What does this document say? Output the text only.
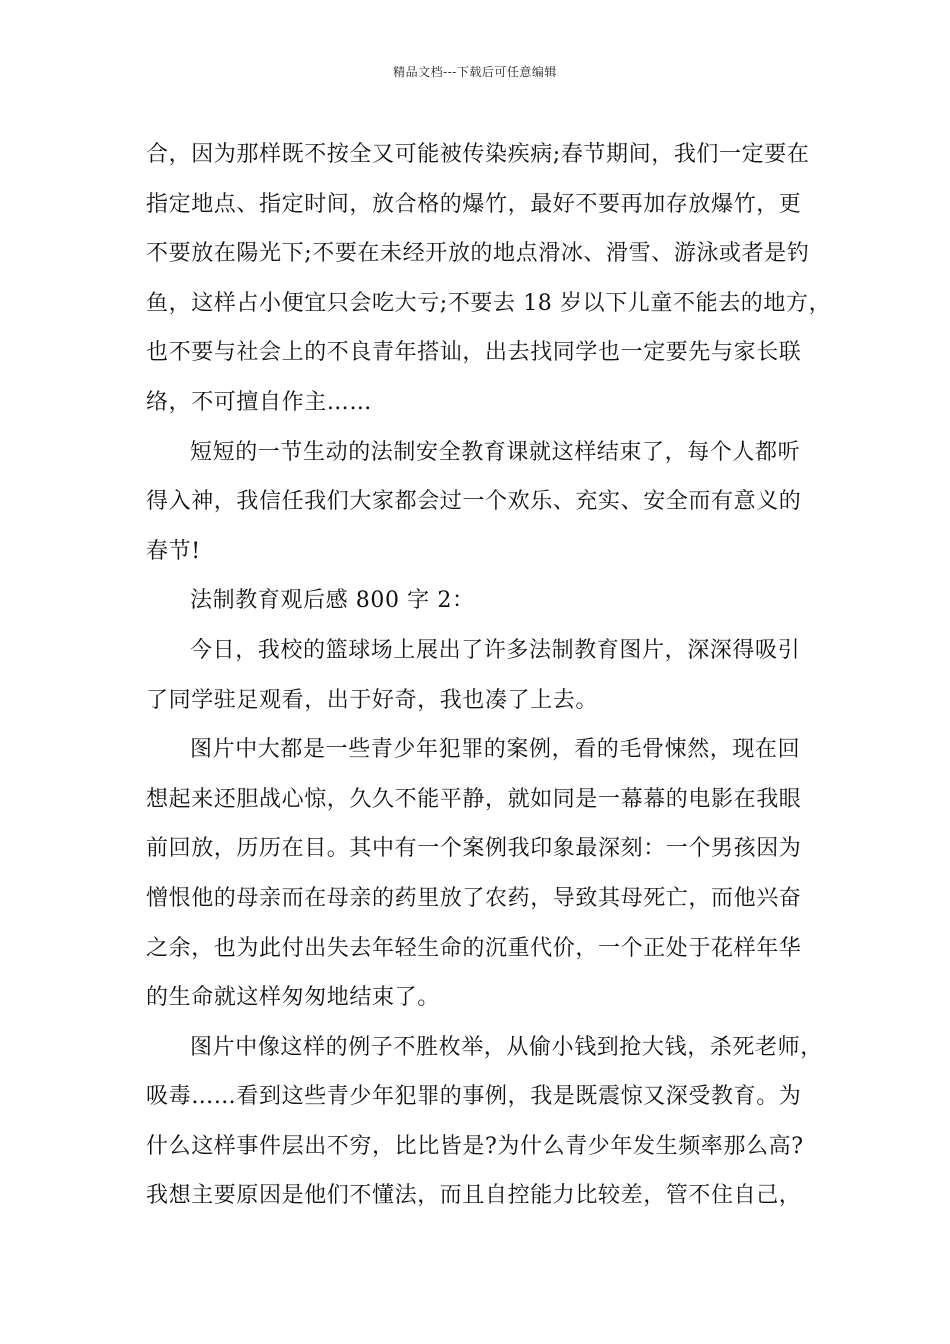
精品文档---下载后可任意编辑
合，因为那样既不按全又可能被传染疾病;春节期间，我们一定要在
指定地点、指定时间，放合格的爆竹，最好不要再加存放爆竹，更
不要放在陽光下;不要在未经开放的地点滑冰、滑雪、游泳或者是钓
鱼，这样占小便宜只会吃大亏;不要去 18 岁以下儿童不能去的地方，
也不要与社会上的不良青年搭讪，出去找同学也一定要先与家长联
络，不可擅自作主……
短短的一节生动的法制安全教育课就这样结束了，每个人都听
得入神，我信任我们大家都会过一个欢乐、充实、安全而有意义的
春节!
法制教育观后感 800 字 2：
今日，我校的篮球场上展出了许多法制教育图片，深深得吸引
了同学驻足观看，出于好奇，我也凑了上去。
图片中大都是一些青少年犯罪的案例，看的毛骨悚然，现在回
想起来还胆战心惊，久久不能平静，就如同是一幕幕的电影在我眼
前回放，历历在目。其中有一个案例我印象最深刻：一个男孩因为
憎恨他的母亲而在母亲的药里放了农药，导致其母死亡，而他兴奋
之余，也为此付出失去年轻生命的沉重代价，一个正处于花样年华
的生命就这样匆匆地结束了。
图片中像这样的例子不胜枚举，从偷小钱到抢大钱，杀死老师，
吸毒……看到这些青少年犯罪的事例，我是既震惊又深受教育。为
什么这样事件层出不穷，比比皆是?为什么青少年发生频率那么高?
我想主要原因是他们不懂法，而且自控能力比较差，管不住自己，
